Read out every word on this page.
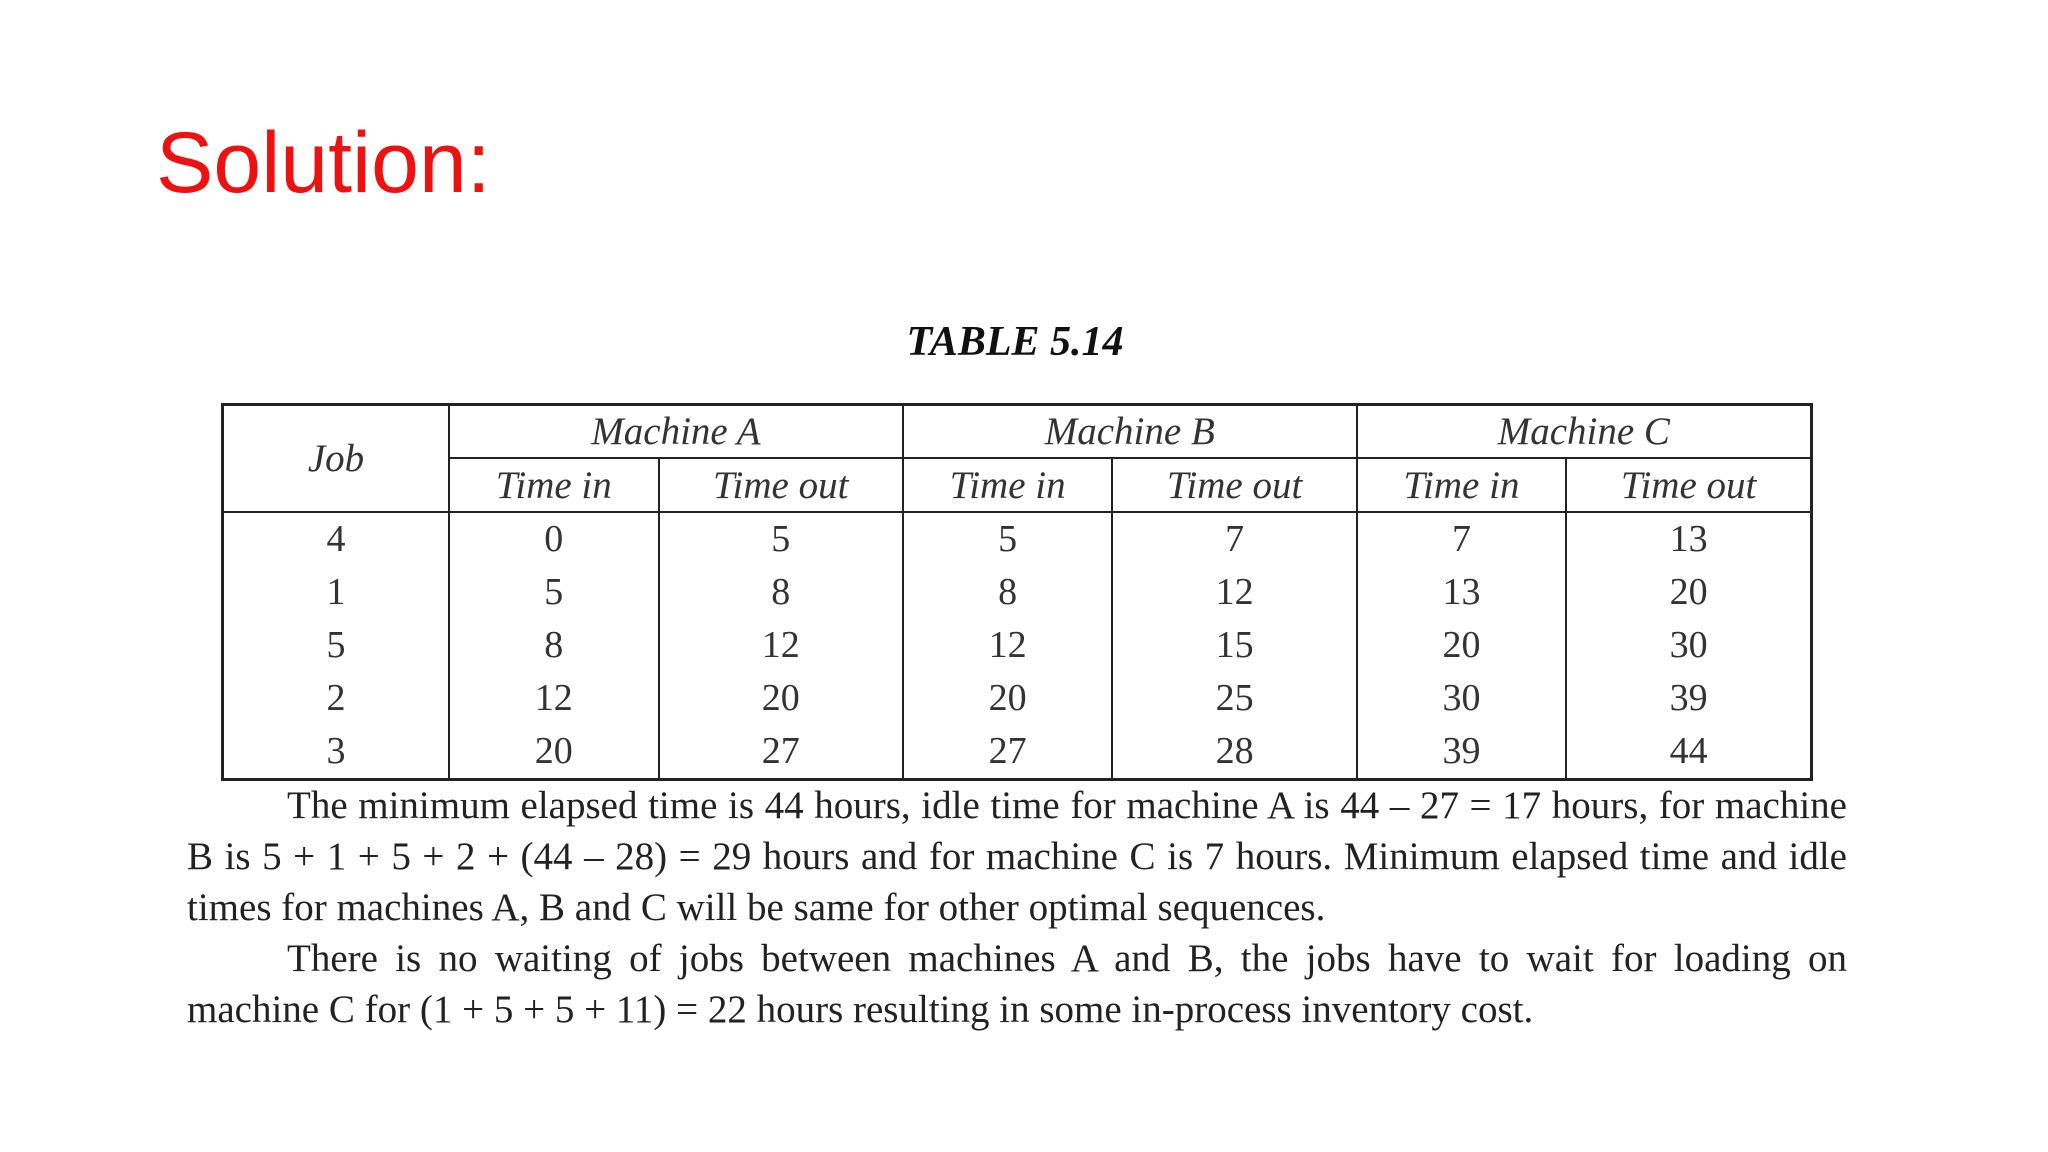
Solution:
TABLE 5.14
Job	Machine A		Machine B		Machine C	
	Time in	Time out	Time in	Time out	Time in	Time out
4	0	5	5	7	7	13
1	5	8	8	12	13	20
5	8	12	12	15	20	30
2	12	20	20	25	30	39
3	20	27	27	28	39	44

The minimum elapsed time is 44 hours, idle time for machine A is 44 – 27 = 17 hours, for machine B is 5 + 1 + 5 + 2 + (44 – 28) = 29 hours and for machine C is 7 hours. Minimum elapsed time and idle times for machines A, B and C will be same for other optimal sequences.

There is no waiting of jobs between machines A and B, the jobs have to wait for loading on machine C for (1 + 5 + 5 + 11) = 22 hours resulting in some in-process inventory cost.
